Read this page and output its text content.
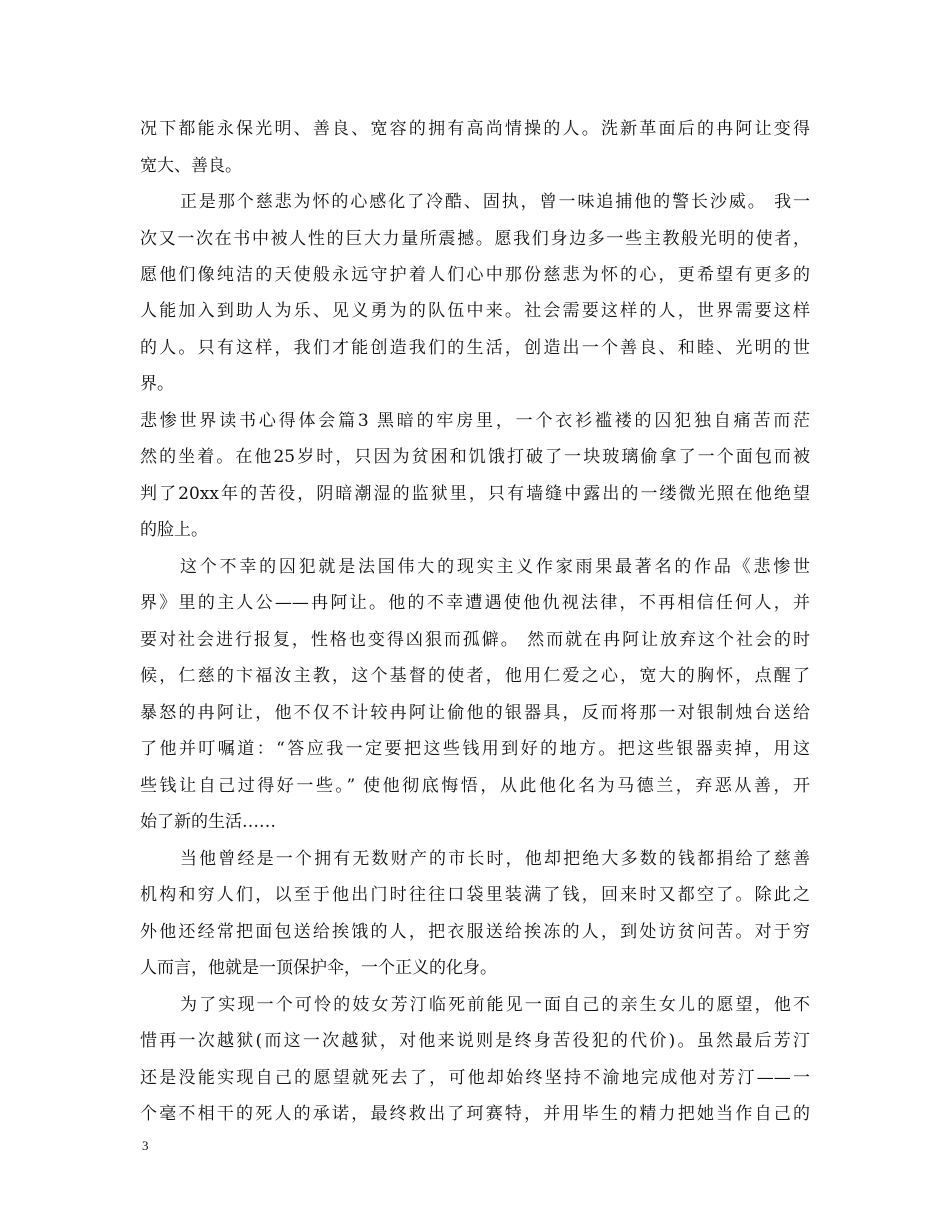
况下都能永保光明、善良、宽容的拥有高尚情操的人。洗新革面后的冉阿让变得
宽大、善良。
正是那个慈悲为怀的心感化了冷酷、固执，曾一味追捕他的警长沙威。 我一
次又一次在书中被人性的巨大力量所震撼。愿我们身边多一些主教般光明的使者，
愿他们像纯洁的天使般永远守护着人们心中那份慈悲为怀的心，更希望有更多的
人能加入到助人为乐、见义勇为的队伍中来。社会需要这样的人，世界需要这样
的人。只有这样，我们才能创造我们的生活，创造出一个善良、和睦、光明的世
界。
悲惨世界读书心得体会篇3 黑暗的牢房里，一个衣衫褴褛的囚犯独自痛苦而茫
然的坐着。在他25岁时，只因为贫困和饥饿打破了一块玻璃偷拿了一个面包而被
判了20xx年的苦役，阴暗潮湿的监狱里，只有墙缝中露出的一缕微光照在他绝望
的脸上。
这个不幸的囚犯就是法国伟大的现实主义作家雨果最著名的作品《悲惨世
界》里的主人公——冉阿让。他的不幸遭遇使他仇视法律，不再相信任何人，并
要对社会进行报复，性格也变得凶狠而孤僻。 然而就在冉阿让放弃这个社会的时
候，仁慈的卞福汝主教，这个基督的使者，他用仁爱之心，宽大的胸怀，点醒了
暴怒的冉阿让，他不仅不计较冉阿让偷他的银器具，反而将那一对银制烛台送给
了他并叮嘱道：“答应我一定要把这些钱用到好的地方。把这些银器卖掉，用这
些钱让自己过得好一些。” 使他彻底悔悟，从此他化名为马德兰，弃恶从善，开
始了新的生活……
当他曾经是一个拥有无数财产的市长时，他却把绝大多数的钱都捐给了慈善
机构和穷人们，以至于他出门时往往口袋里装满了钱，回来时又都空了。除此之
外他还经常把面包送给挨饿的人，把衣服送给挨冻的人，到处访贫问苦。对于穷
人而言，他就是一顶保护伞，一个正义的化身。
为了实现一个可怜的妓女芳汀临死前能见一面自己的亲生女儿的愿望，他不
惜再一次越狱(而这一次越狱，对他来说则是终身苦役犯的代价)。虽然最后芳汀
还是没能实现自己的愿望就死去了，可他却始终坚持不渝地完成他对芳汀——一
个毫不相干的死人的承诺，最终救出了珂赛特，并用毕生的精力把她当作自己的
3
